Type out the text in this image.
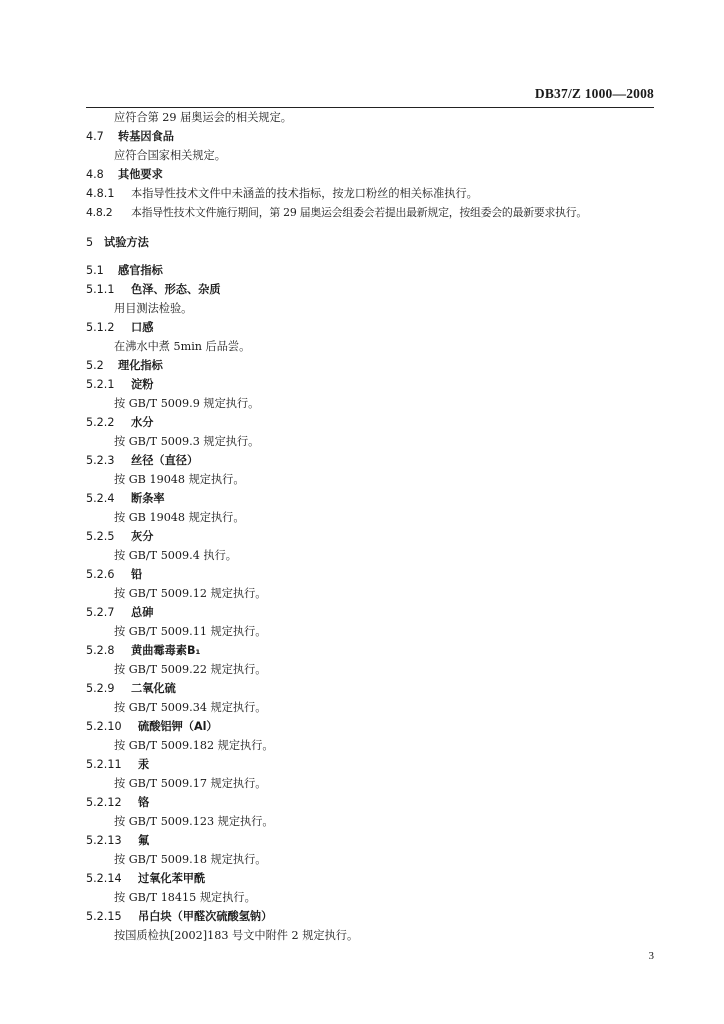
DB37/Z 1000—2008
应符合第 29 届奥运会的相关规定。
4.7 转基因食品
应符合国家相关规定。
4.8 其他要求
4.8.1 本指导性技术文件中未涵盖的技术指标，按龙口粉丝的相关标准执行。
4.8.2 本指导性技术文件施行期间，第 29 届奥运会组委会若提出最新规定，按组委会的最新要求执行。
5 试验方法
5.1 感官指标
5.1.1 色泽、形态、杂质
用目测法检验。
5.1.2 口感
在沸水中煮 5min 后品尝。
5.2 理化指标
5.2.1 淀粉
按 GB/T 5009.9 规定执行。
5.2.2 水分
按 GB/T 5009.3 规定执行。
5.2.3 丝径（直径）
按 GB 19048 规定执行。
5.2.4 断条率
按 GB 19048 规定执行。
5.2.5 灰分
按 GB/T 5009.4 执行。
5.2.6 铅
按 GB/T 5009.12 规定执行。
5.2.7 总砷
按 GB/T 5009.11 规定执行。
5.2.8 黄曲霉毒素B₁
按 GB/T 5009.22 规定执行。
5.2.9 二氧化硫
按 GB/T 5009.34 规定执行。
5.2.10 硫酸铝钾（Al）
按 GB/T 5009.182 规定执行。
5.2.11 汞
按 GB/T 5009.17 规定执行。
5.2.12 铬
按 GB/T 5009.123 规定执行。
5.2.13 氟
按 GB/T 5009.18 规定执行。
5.2.14 过氧化苯甲酰
按 GB/T 18415 规定执行。
5.2.15 吊白块（甲醛次硫酸氢钠）
按国质检执[2002]183 号文中附件 2 规定执行。
3
